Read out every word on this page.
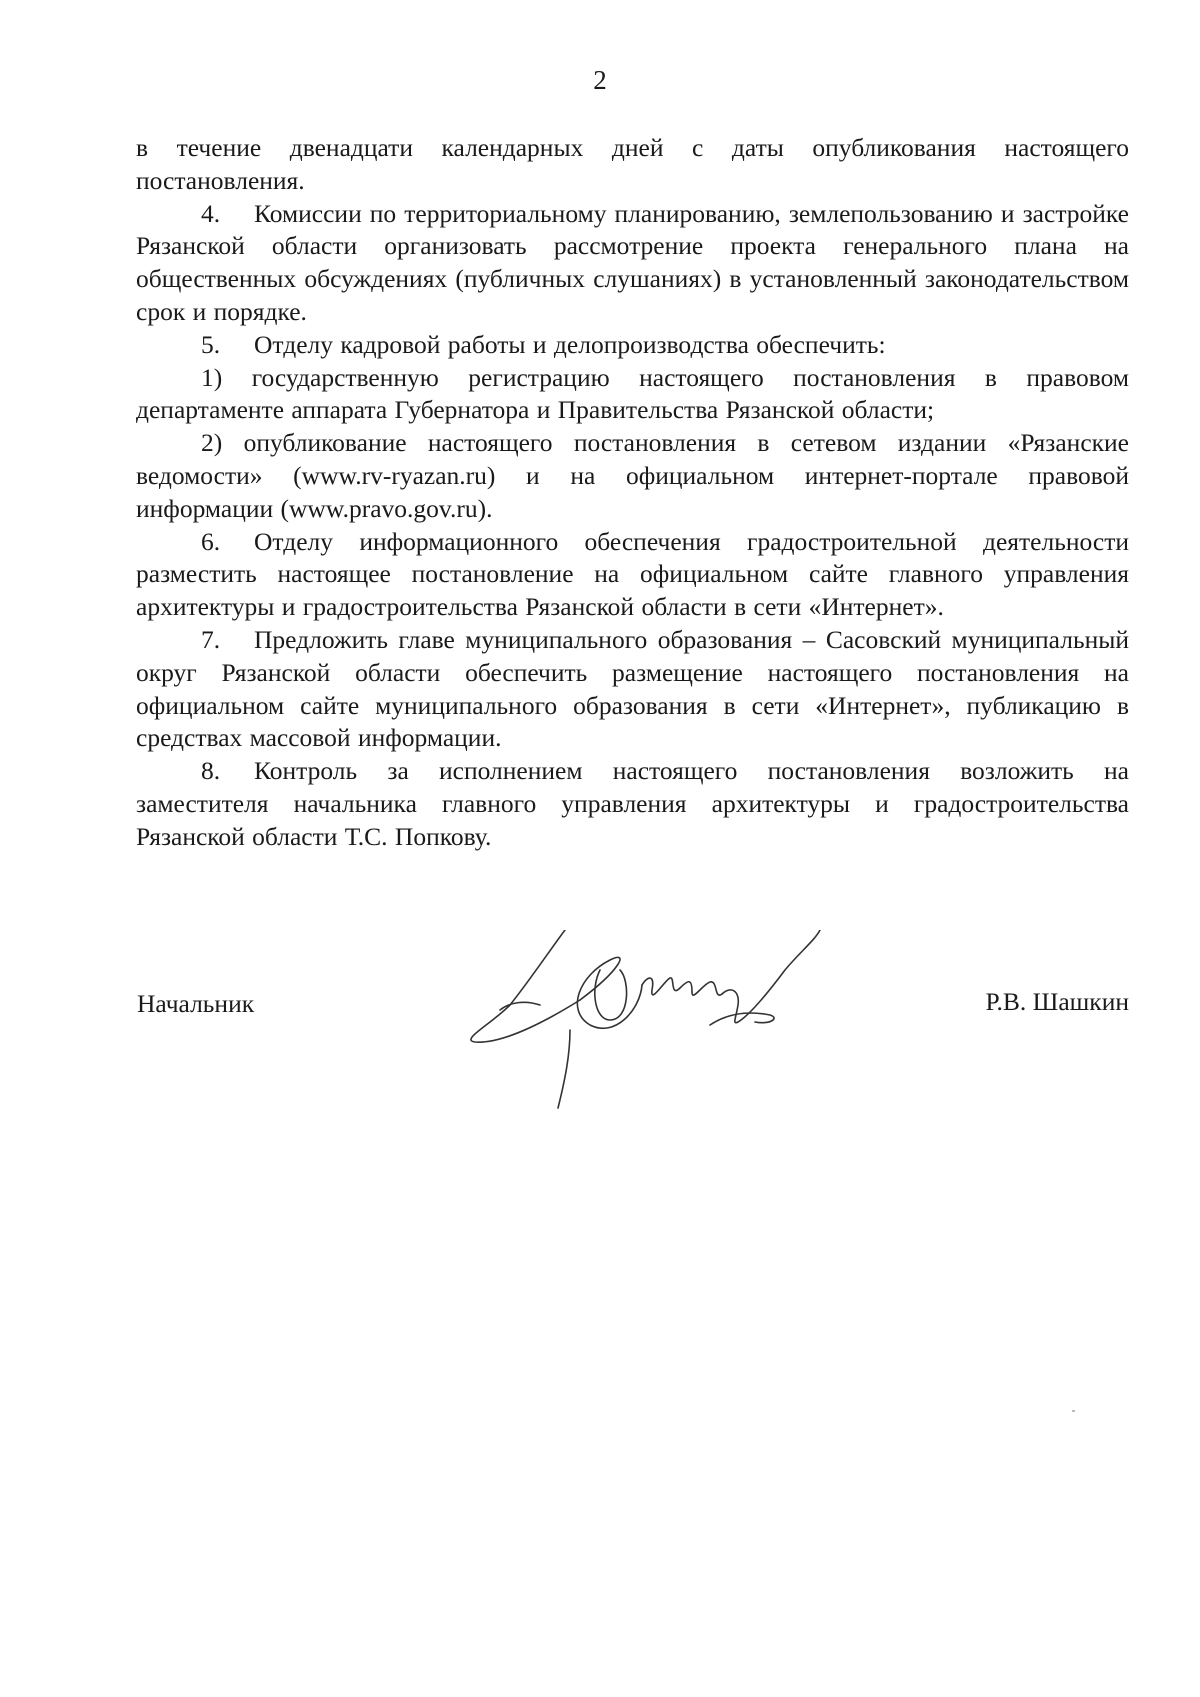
2

в течение двенадцати календарных дней с даты опубликования настоящего постановления.

4. Комиссии по территориальному планированию, землепользованию и застройке Рязанской области организовать рассмотрение проекта генерального плана на общественных обсуждениях (публичных слушаниях) в установленный законодательством срок и порядке.

5. Отделу кадровой работы и делопроизводства обеспечить:

1) государственную регистрацию настоящего постановления в правовом департаменте аппарата Губернатора и Правительства Рязанской области;

2) опубликование настоящего постановления в сетевом издании «Рязанские ведомости» (www.rv-ryazan.ru) и на официальном интернет-портале правовой информации (www.pravo.gov.ru).

6. Отделу информационного обеспечения градостроительной деятельности разместить настоящее постановление на официальном сайте главного управления архитектуры и градостроительства Рязанской области в сети «Интернет».

7. Предложить главе муниципального образования – Сасовский муниципальный округ Рязанской области обеспечить размещение настоящего постановления на официальном сайте муниципального образования в сети «Интернет», публикацию в средствах массовой информации.

8. Контроль за исполнением настоящего постановления возложить на заместителя начальника главного управления архитектуры и градостроительства Рязанской области Т.С. Попкову.

Начальник	Р.В. Шашкин
